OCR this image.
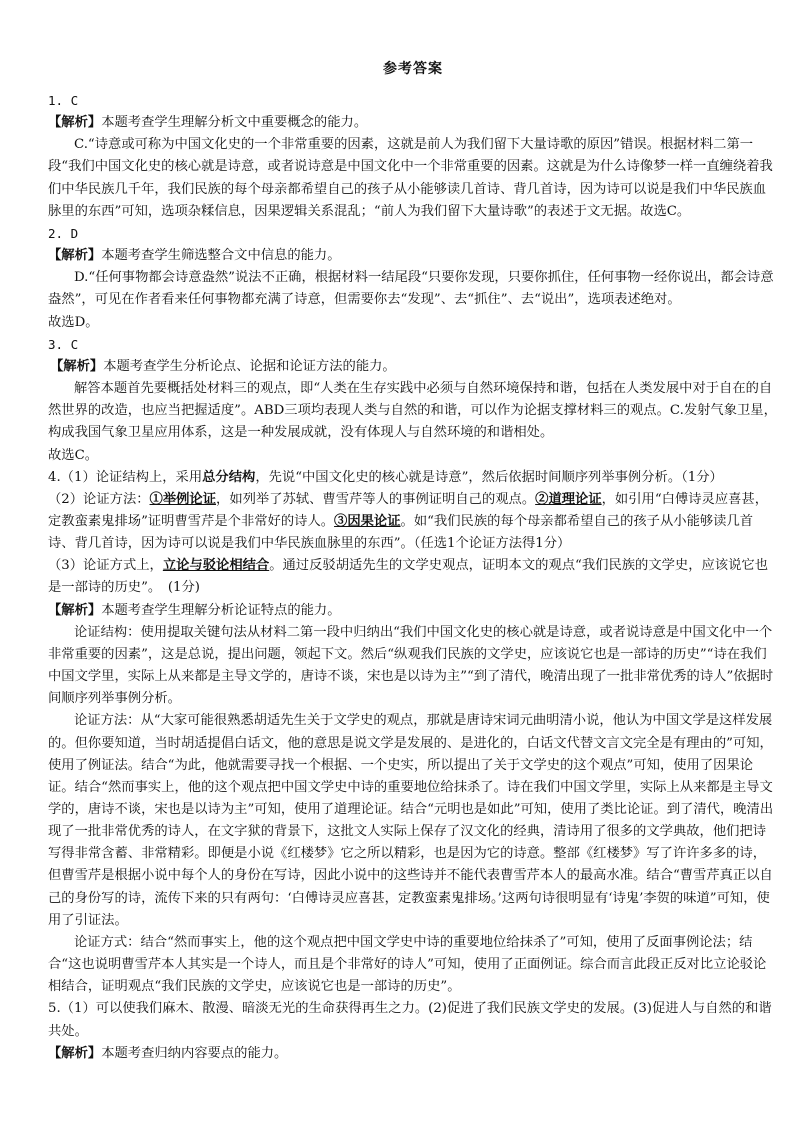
参考答案

1. C

【解析】本题考查学生理解分析文中重要概念的能力。

C.“诗意或可称为中国文化史的一个非常重要的因素，这就是前人为我们留下大量诗歌的原因”错误。根据材料二第一段“我们中国文化史的核心就是诗意，或者说诗意是中国文化中一个非常重要的因素。这就是为什么诗像梦一样一直缠绕着我们中华民族几千年，我们民族的每个母亲都希望自己的孩子从小能够读几首诗、背几首诗，因为诗可以说是我们中华民族血脉里的东西”可知，选项杂糅信息，因果逻辑关系混乱；“前人为我们留下大量诗歌”的表述于文无据。故选C。

2. D

【解析】本题考查学生筛选整合文中信息的能力。

D.“任何事物都会诗意盎然”说法不正确，根据材料一结尾段“只要你发现，只要你抓住，任何事物一经你说出，都会诗意盎然”，可见在作者看来任何事物都充满了诗意，但需要你去“发现”、去“抓住”、去“说出”，选项表述绝对。

故选D。

3. C

【解析】本题考查学生分析论点、论据和论证方法的能力。

解答本题首先要概括处材料三的观点，即“人类在生存实践中必须与自然环境保持和谐，包括在人类发展中对于自在的自然世界的改造，也应当把握适度”。ABD三项均表现人类与自然的和谐，可以作为论据支撑材料三的观点。C.发射气象卫星，构成我国气象卫星应用体系，这是一种发展成就，没有体现人与自然环境的和谐相处。

故选C。

4.（1）论证结构上，采用总分结构，先说“中国文化史的核心就是诗意”，然后依据时间顺序列举事例分析。（1分）

（2）论证方法：①举例论证，如列举了苏轼、曹雪芹等人的事例证明自己的观点。②道理论证，如引用“白傅诗灵应喜甚，定教蛮素鬼排场”证明曹雪芹是个非常好的诗人。③因果论证。如“我们民族的每个母亲都希望自己的孩子从小能够读几首诗、背几首诗，因为诗可以说是我们中华民族血脉里的东西”。（任选1个论证方法得1分）

（3）论证方式上，立论与驳论相结合。通过反驳胡适先生的文学史观点，证明本文的观点“我们民族的文学史，应该说它也是一部诗的历史”。　(1分)

【解析】本题考查学生理解分析论证特点的能力。

论证结构：使用提取关键句法从材料二第一段中归纳出“我们中国文化史的核心就是诗意，或者说诗意是中国文化中一个非常重要的因素”，这是总说，提出问题，领起下文。然后“纵观我们民族的文学史，应该说它也是一部诗的历史”“诗在我们中国文学里，实际上从来都是主导文学的，唐诗不谈，宋也是以诗为主”“到了清代，晚清出现了一批非常优秀的诗人”依据时间顺序列举事例分析。

论证方法：从“大家可能很熟悉胡适先生关于文学史的观点，那就是唐诗宋词元曲明清小说，他认为中国文学是这样发展的。但你要知道，当时胡适提倡白话文，他的意思是说文学是发展的、是进化的，白话文代替文言文完全是有理由的”可知，使用了例证法。结合“为此，他就需要寻找一个根据、一个史实，所以提出了关于文学史的这个观点”可知，使用了因果论证。结合“然而事实上，他的这个观点把中国文学史中诗的重要地位给抹杀了。诗在我们中国文学里，实际上从来都是主导文学的，唐诗不谈，宋也是以诗为主”可知，使用了道理论证。结合“元明也是如此”可知，使用了类比论证。到了清代，晚清出现了一批非常优秀的诗人，在文字狱的背景下，这批文人实际上保存了汉文化的经典，清诗用了很多的文学典故，他们把诗写得非常含蓄、非常精彩。即便是小说《红楼梦》它之所以精彩，也是因为它的诗意。整部《红楼梦》写了许许多多的诗，但曹雪芹是根据小说中每个人的身份在写诗，因此小说中的这些诗并不能代表曹雪芹本人的最高水准。结合“曹雪芹真正以自己的身份写的诗，流传下来的只有两句：‘白傅诗灵应喜甚，定教蛮素鬼排场。’这两句诗很明显有‘诗鬼’李贺的味道”可知，使用了引证法。

论证方式：结合“然而事实上，他的这个观点把中国文学史中诗的重要地位给抹杀了”可知，使用了反面事例论法；结合“这也说明曹雪芹本人其实是一个诗人，而且是个非常好的诗人”可知，使用了正面例证。综合而言此段正反对比立论驳论相结合，证明观点“我们民族的文学史，应该说它也是一部诗的历史”。

5.（1）可以使我们麻木、散漫、暗淡无光的生命获得再生之力。(2)促进了我们民族文学史的发展。(3)促进人与自然的和谐共处。

【解析】本题考查归纳内容要点的能力。
